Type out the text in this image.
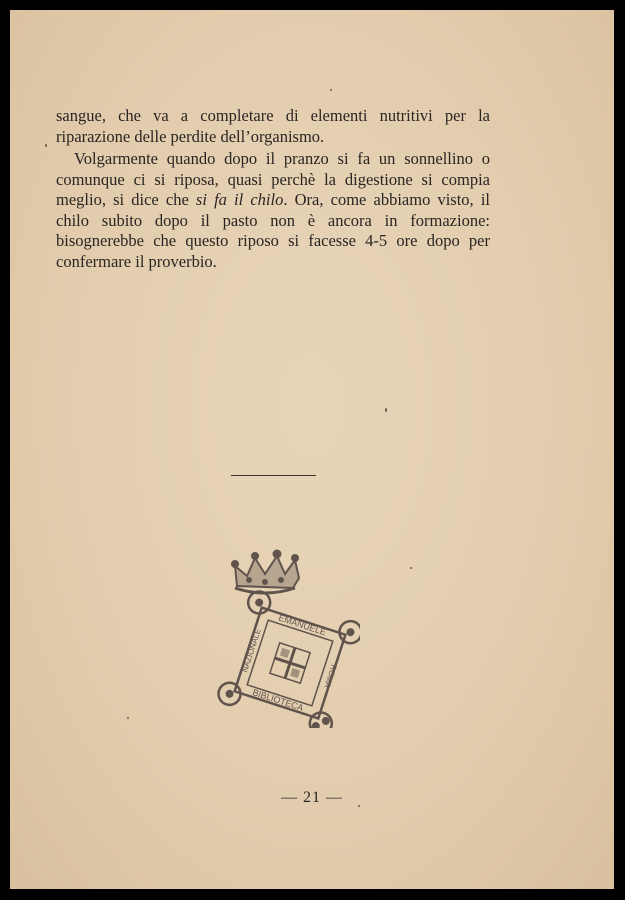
sangue, che va a completare di elementi nutritivi per la riparazione delle perdite dell’organismo.

Volgarmente quando dopo il pranzo si fa un sonnellino o comunque ci si riposa, quasi perchè la digestione si compia meglio, si dice che si fa il chilo. Ora, come abbiamo visto, il chilo subito dopo il pasto non è ancora in formazione: bisognerebbe che questo riposo si facesse 4-5 ore dopo per confermare il proverbio.

EMANUELE
BIBLIOTECA
ROMA
NAZIONALE
— 21 —
